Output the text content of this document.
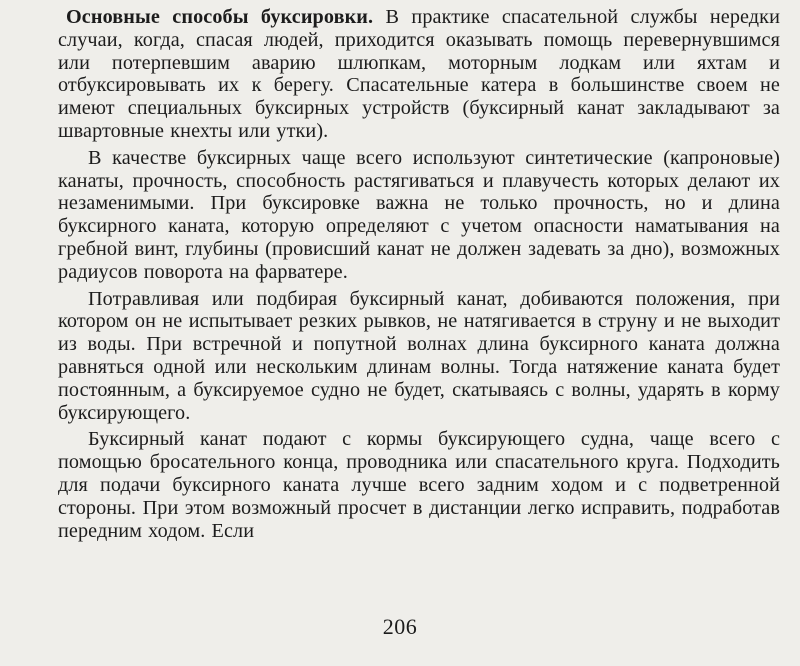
Основные способы буксировки. В практике спасательной службы нередки случаи, когда, спасая людей, приходится оказывать помощь перевернувшимся или потерпевшим аварию шлюпкам, моторным лодкам или яхтам и отбуксировывать их к берегу. Спасательные катера в большинстве своем не имеют специальных буксирных устройств (буксирный канат закладывают за швартовные кнехты или утки).

В качестве буксирных чаще всего используют синтетические (капроновые) канаты, прочность, способность растягиваться и плавучесть которых делают их незаменимыми. При буксировке важна не только прочность, но и длина буксирного каната, которую определяют с учетом опасности наматывания на гребной винт, глубины (провисший канат не должен задевать за дно), возможных радиусов поворота на фарватере.

Потравливая или подбирая буксирный канат, добиваются положения, при котором он не испытывает резких рывков, не натягивается в струну и не выходит из воды. При встречной и попутной волнах длина буксирного каната должна равняться одной или нескольким длинам волны. Тогда натяжение каната будет постоянным, а буксируемое судно не будет, скатываясь с волны, ударять в корму буксирующего.

Буксирный канат подают с кормы буксирующего судна, чаще всего с помощью бросательного конца, проводника или спасательного круга. Подходить для подачи буксирного каната лучше всего задним ходом и с подветренной стороны. При этом возможный просчет в дистанции легко исправить, подработав передним ходом. Если

206
